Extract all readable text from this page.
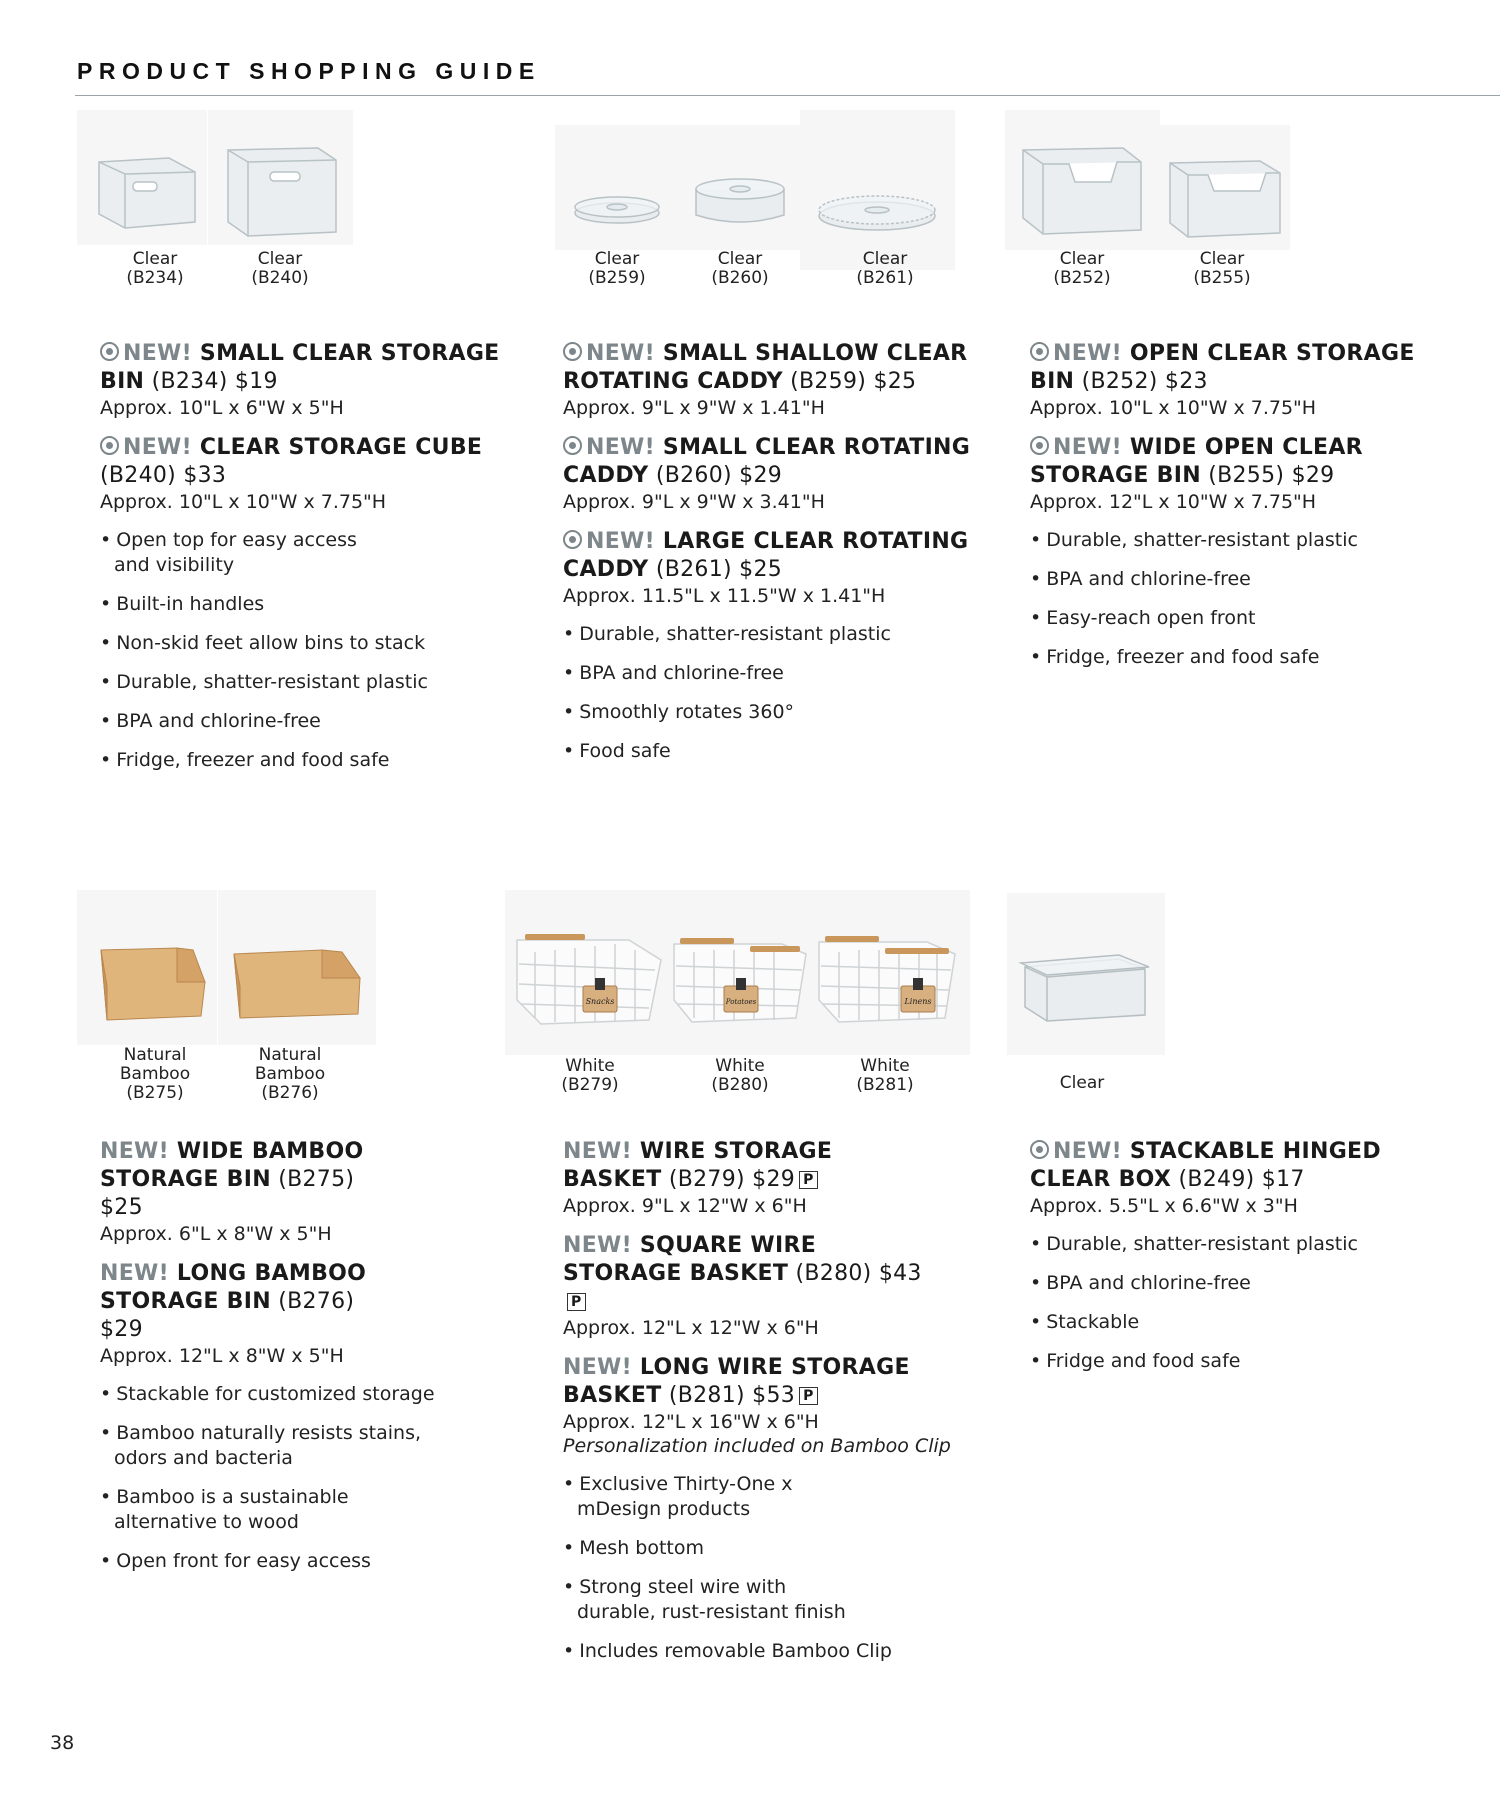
PRODUCT SHOPPING GUIDE
Clear
(B234)
Clear
(B240)
Clear
(B259)
Clear
(B260)
Clear
(B261)
Clear
(B252)
Clear
(B255)
NEW! SMALL CLEAR STORAGE BIN (B234) $19
Approx. 10"L x 6"W x 5"H
NEW! CLEAR STORAGE CUBE (B240) $33
Approx. 10"L x 10"W x 7.75"H
• Open top for easy access and visibility
• Built-in handles
• Non-skid feet allow bins to stack
• Durable, shatter-resistant plastic
• BPA and chlorine-free
• Fridge, freezer and food safe
NEW! SMALL SHALLOW CLEAR ROTATING CADDY (B259) $25
Approx. 9"L x 9"W x 1.41"H
NEW! SMALL CLEAR ROTATING CADDY (B260) $29
Approx. 9"L x 9"W x 3.41"H
NEW! LARGE CLEAR ROTATING CADDY (B261) $25
Approx. 11.5"L x 11.5"W x 1.41"H
• Durable, shatter-resistant plastic
• BPA and chlorine-free
• Smoothly rotates 360°
• Food safe
NEW! OPEN CLEAR STORAGE BIN (B252) $23
Approx. 10"L x 10"W x 7.75"H
NEW! WIDE OPEN CLEAR STORAGE BIN (B255) $29
Approx. 12"L x 10"W x 7.75"H
• Durable, shatter-resistant plastic
• BPA and chlorine-free
• Easy-reach open front
• Fridge, freezer and food safe
Natural
Bamboo
(B275)
Natural
Bamboo
(B276)
Snacks	Potatoes	Linens
White
(B279)
White
(B280)
White
(B281)	Clear
NEW! WIDE BAMBOO STORAGE BIN (B275) $25
Approx. 6"L x 8"W x 5"H
NEW! LONG BAMBOO STORAGE BIN (B276) $29
Approx. 12"L x 8"W x 5"H
• Stackable for customized storage
• Bamboo naturally resists stains, odors and bacteria
• Bamboo is a sustainable alternative to wood
• Open front for easy access
NEW! WIRE STORAGE BASKET (B279) $29 P
Approx. 9"L x 12"W x 6"H
NEW! SQUARE WIRE STORAGE BASKET (B280) $43P
Approx. 12"L x 12"W x 6"H
NEW! LONG WIRE STORAGE BASKET (B281) $53 P
Approx. 12"L x 16"W x 6"H
Personalization included on Bamboo Clip
• Exclusive Thirty-One x mDesign products
• Mesh bottom
• Strong steel wire with durable, rust-resistant finish
• Includes removable Bamboo Clip
NEW! STACKABLE HINGED CLEAR BOX (B249) $17
Approx. 5.5"L x 6.6"W x 3"H
• Durable, shatter-resistant plastic
• BPA and chlorine-free
• Stackable
• Fridge and food safe
38
